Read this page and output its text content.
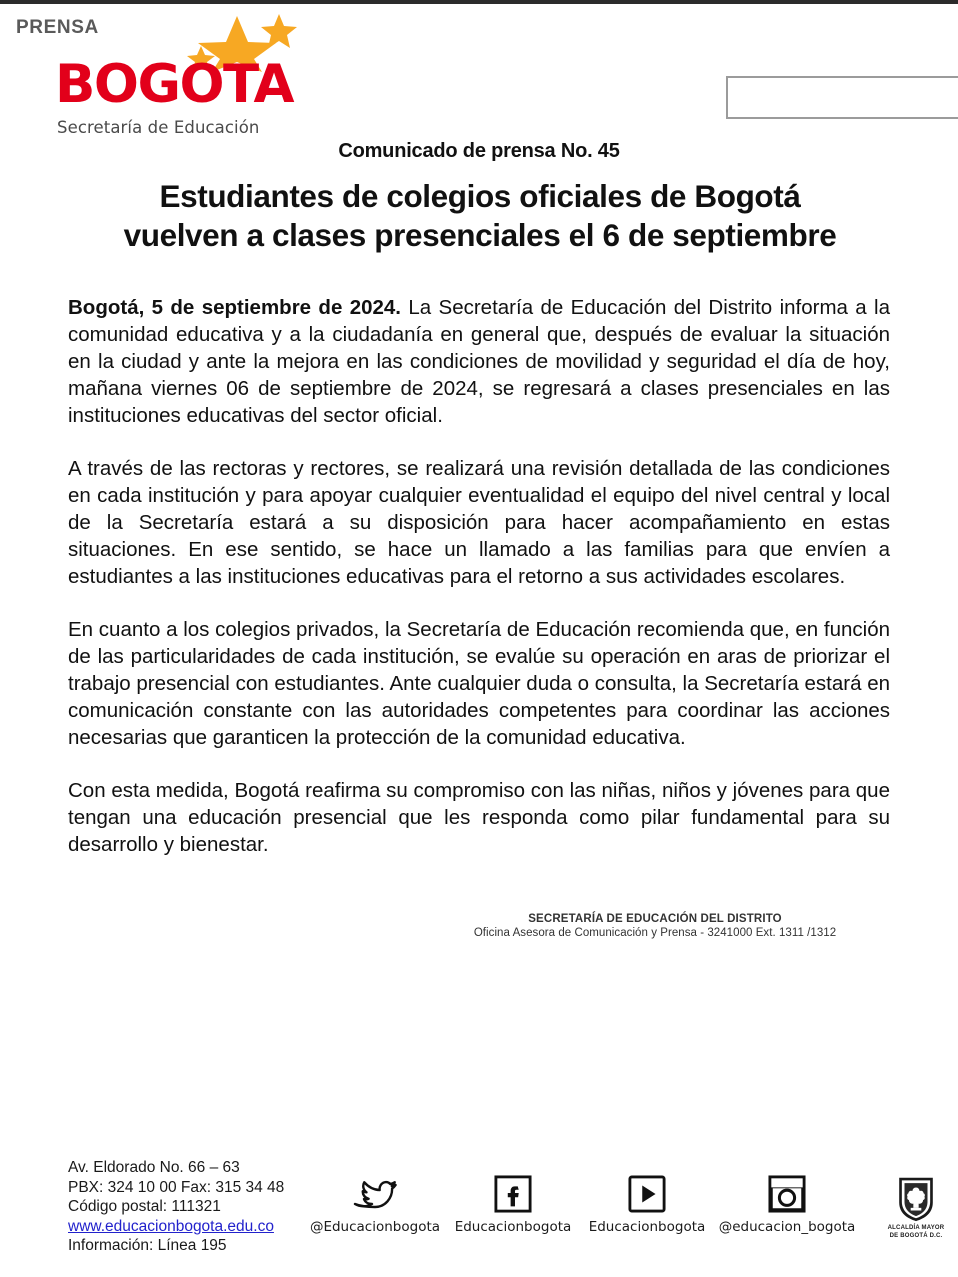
BOGOTA
Secretaría de Educación
PRENSA
Comunicado de prensa No. 45
Estudiantes de colegios oficiales de Bogotá
vuelven a clases presenciales el 6 de septiembre

Bogotá, 5 de septiembre de 2024. La Secretaría de Educación del Distrito informa a la comunidad educativa y a la ciudadanía en general que, después de evaluar la situación en la ciudad y ante la mejora en las condiciones de movilidad y seguridad el día de hoy, mañana viernes 06 de septiembre de 2024, se regresará a clases presenciales en las instituciones educativas del sector oficial.

A través de las rectoras y rectores, se realizará una revisión detallada de las condiciones en cada institución y para apoyar cualquier eventualidad el equipo del nivel central y local de la Secretaría estará a su disposición para hacer acompañamiento en estas situaciones. En ese sentido, se hace un llamado a las familias para que envíen a estudiantes a las instituciones educativas para el retorno a sus actividades escolares.

En cuanto a los colegios privados, la Secretaría de Educación recomienda que, en función de las particularidades de cada institución, se evalúe su operación en aras de priorizar el trabajo presencial con estudiantes. Ante cualquier duda o consulta, la Secretaría estará en comunicación constante con las autoridades competentes para coordinar las acciones necesarias que garanticen la protección de la comunidad educativa.

Con esta medida, Bogotá reafirma su compromiso con las niñas, niños y jóvenes para que tengan una educación presencial que les responda como pilar fundamental para su desarrollo y bienestar.

SECRETARÍA DE EDUCACIÓN DEL DISTRITO
Oficina Asesora de Comunicación y Prensa - 3241000 Ext. 1311 /1312
Av. Eldorado No. 66 – 63
PBX: 324 10 00 Fax: 315 34 48
Código postal: 111321
www.educacionbogota.edu.co
Información: Línea 195
@Educacionbogota	Educacionbogota	Educacionbogota @educacion_bogota	ALCALDÍA MAYOR
DE BOGOTÁ D.C.
